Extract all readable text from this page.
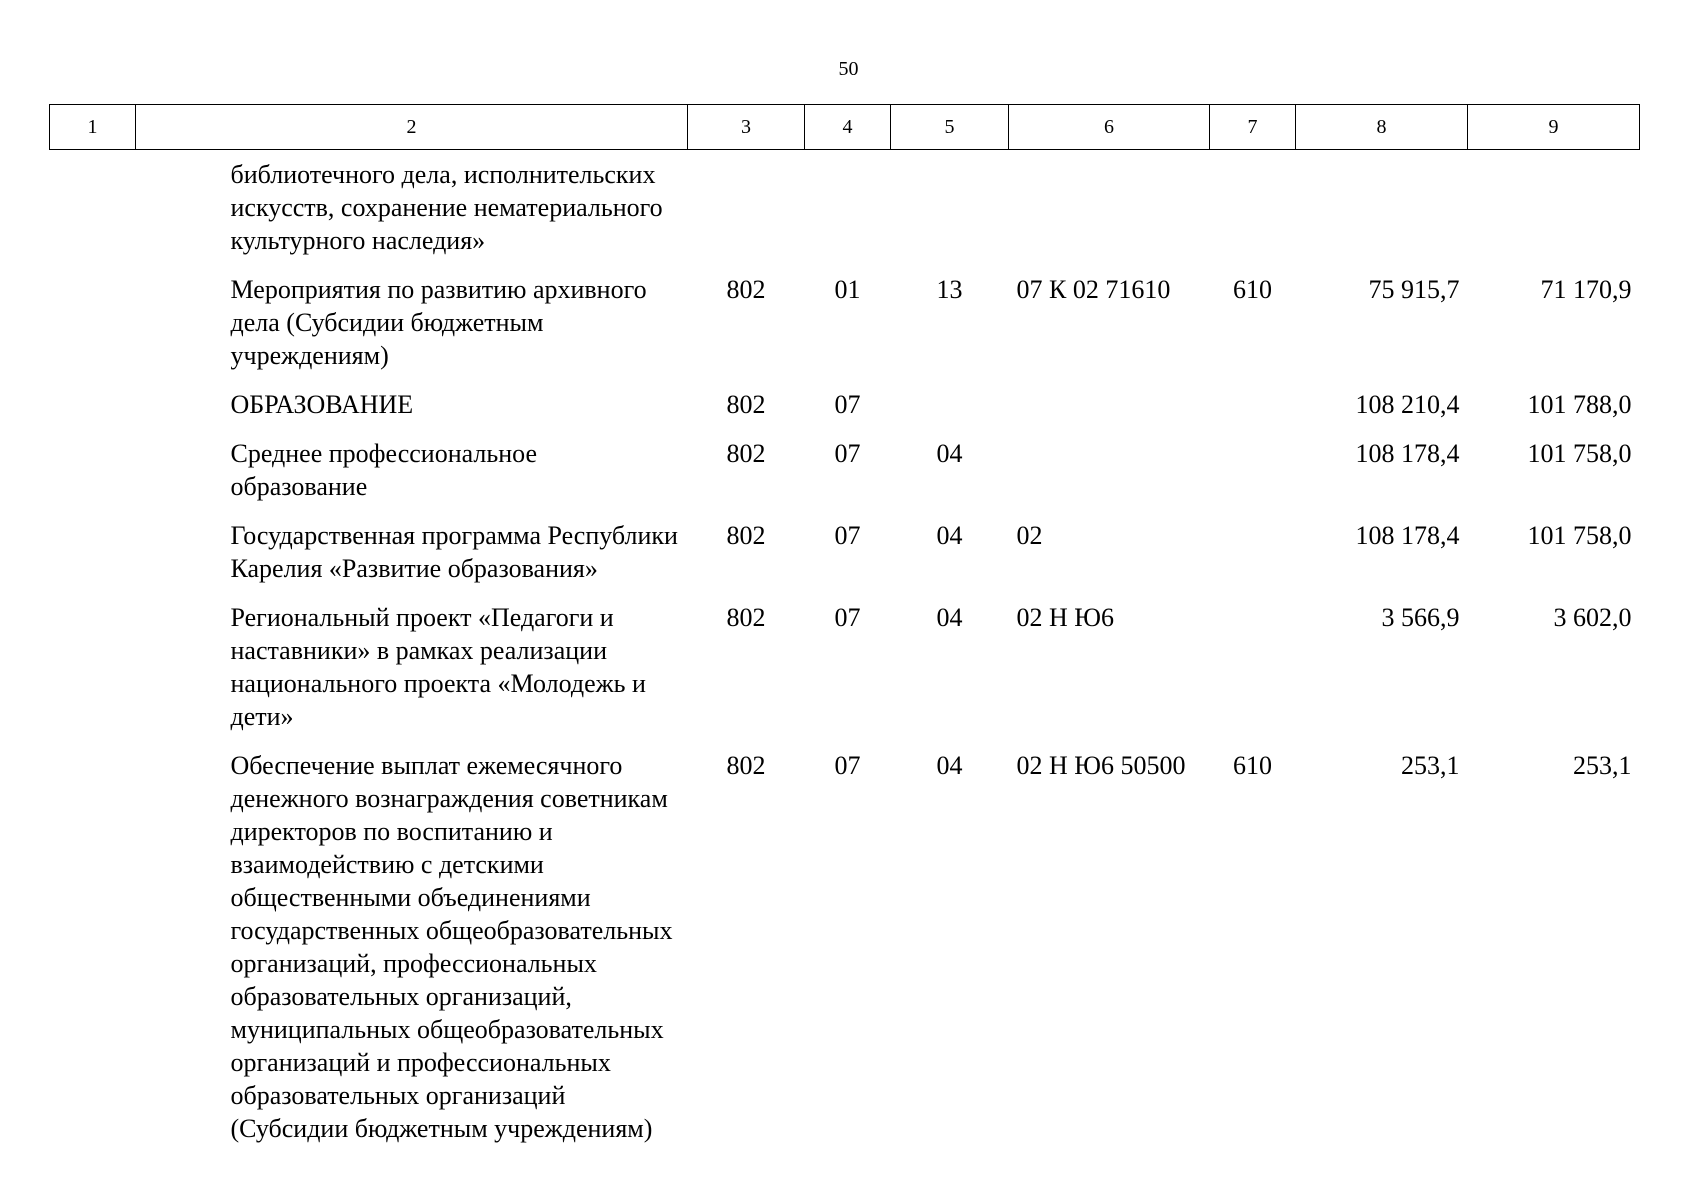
50
1	2	3	4	5	6	7	8	9
	библиотечного дела, исполнительских искусств, сохранение нематериального культурного наследия»							
	Мероприятия по развитию архивного дела (Субсидии бюджетным учреждениям)	802	01	13	07 К 02 71610	610	75 915,7	71 170,9
	ОБРАЗОВАНИЕ	802	07				108 210,4	101 788,0
	Среднее профессиональное образование	802	07	04			108 178,4	101 758,0
	Государственная программа Республики Карелия «Развитие образования»	802	07	04	02		108 178,4	101 758,0
	Региональный проект «Педагоги и наставники» в рамках реализации национального проекта «Молодежь и дети»	802	07	04	02 Н Ю6		3 566,9	3 602,0
	Обеспечение выплат ежемесячного денежного вознаграждения советникам директоров по воспитанию и взаимодействию с детскими общественными объединениями государственных общеобразовательных организаций, профессиональных образовательных организаций, муниципальных общеобразовательных организаций и профессиональных образовательных организаций (Субсидии бюджетным учреждениям)	802	07	04	02 Н Ю6 50500	610	253,1	253,1
